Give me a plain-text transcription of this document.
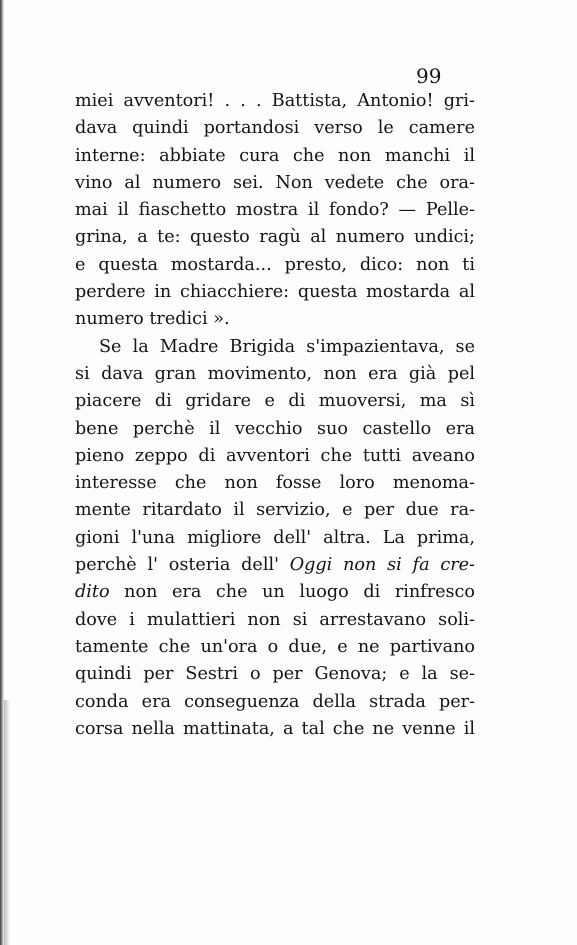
99
miei avventori! . . . Battista, Antonio! gri-
dava quindi portandosi verso le camere
interne: abbiate cura che non manchi il
vino al numero sei. Non vedete che ora-
mai il fiaschetto mostra il fondo? — Pelle-
grina, a te: questo ragù al numero undici;
e questa mostarda... presto, dico: non ti
perdere in chiacchiere: questa mostarda al
numero tredici ».
Se la Madre Brigida s'impazientava, se
si dava gran movimento, non era già pel
piacere di gridare e di muoversi, ma sì
bene perchè il vecchio suo castello era
pieno zeppo di avventori che tutti aveano
interesse che non fosse loro menoma-
mente ritardato il servizio, e per due ra-
gioni l'una migliore dell' altra. La prima,
perchè l' osteria dell' Oggi non si fa cre-
dito non era che un luogo di rinfresco
dove i mulattieri non si arrestavano soli-
tamente che un'ora o due, e ne partivano
quindi per Sestri o per Genova; e la se-
conda era conseguenza della strada per-
corsa nella mattinata, a tal che ne venne il
